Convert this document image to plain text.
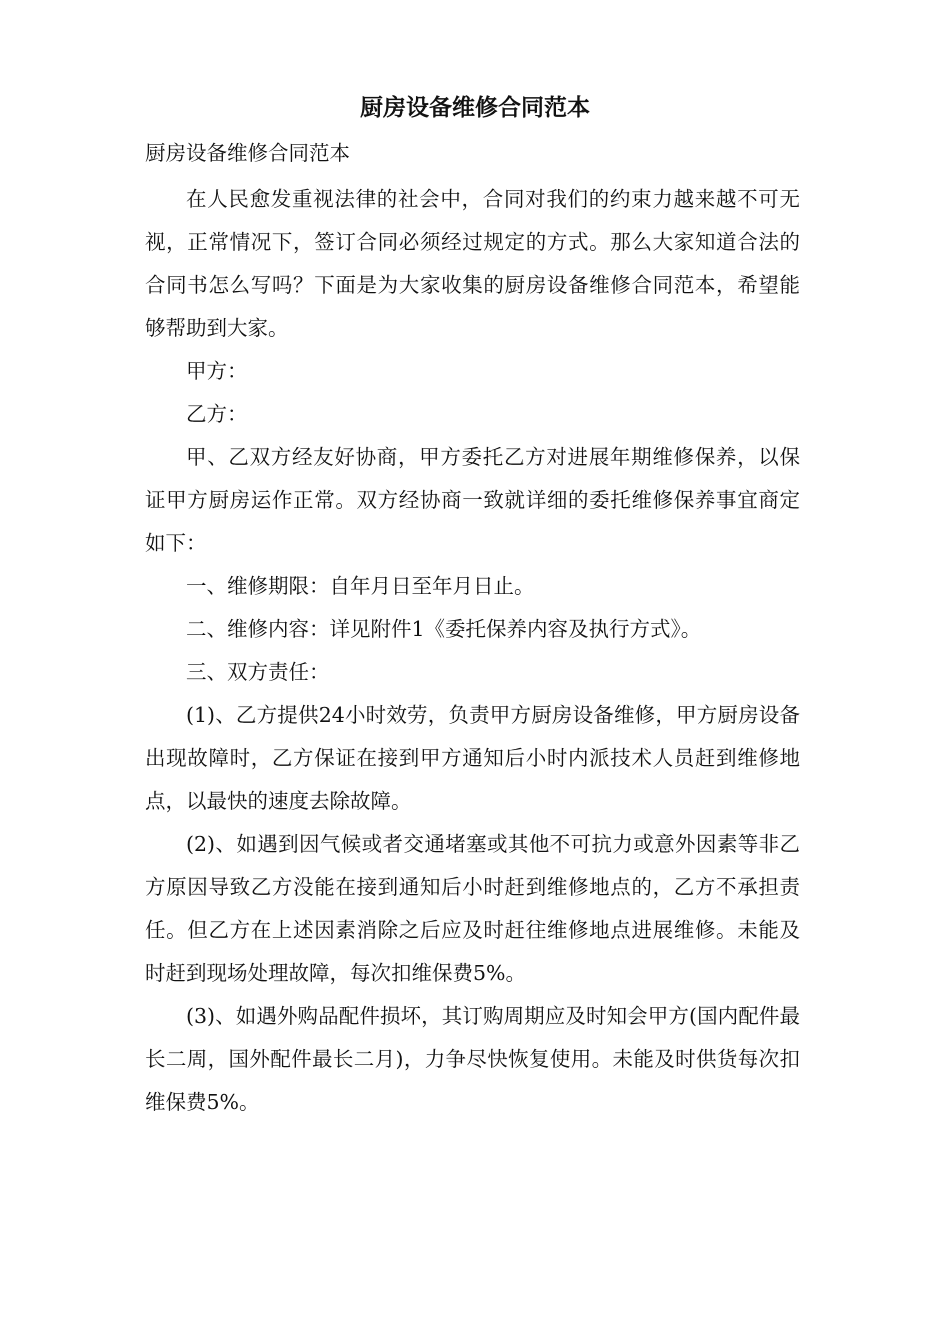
厨房设备维修合同范本

厨房设备维修合同范本

在人民愈发重视法律的社会中，合同对我们的约束力越来越不可无视，正常情况下，签订合同必须经过规定的方式。那么大家知道合法的合同书怎么写吗？下面是为大家收集的厨房设备维修合同范本，希望能够帮助到大家。

甲方：

乙方：

甲、乙双方经友好协商，甲方委托乙方对进展年期维修保养，以保证甲方厨房运作正常。双方经协商一致就详细的委托维修保养事宜商定如下：

一、维修期限：自年月日至年月日止。

二、维修内容：详见附件1《委托保养内容及执行方式》。

三、双方责任：

(1)、乙方提供24小时效劳，负责甲方厨房设备维修，甲方厨房设备出现故障时，乙方保证在接到甲方通知后小时内派技术人员赶到维修地点，以最快的速度去除故障。

(2)、如遇到因气候或者交通堵塞或其他不可抗力或意外因素等非乙方原因导致乙方没能在接到通知后小时赶到维修地点的，乙方不承担责任。但乙方在上述因素消除之后应及时赶往维修地点进展维修。未能及时赶到现场处理故障，每次扣维保费5%。

(3)、如遇外购品配件损坏，其订购周期应及时知会甲方(国内配件最长二周，国外配件最长二月)，力争尽快恢复使用。未能及时供货每次扣维保费5%。
